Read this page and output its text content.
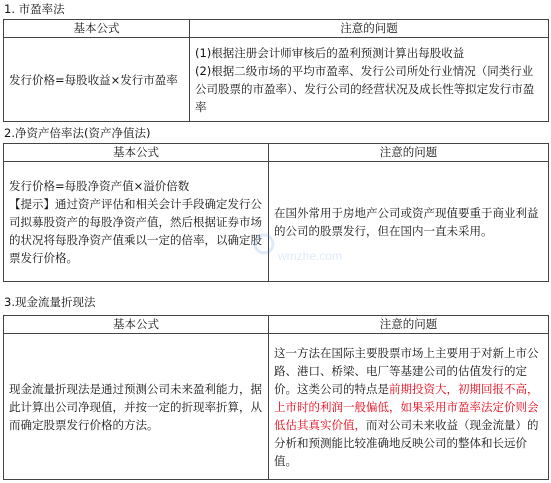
1. 市盈率法
基本公式	注意的问题
发行价格=每股收益×发行市盈率	(1)根据注册会计师审核后的盈利预测计算出每股收益
(2)根据二级市场的平均市盈率、发行公司所处行业情况（同类行业公司股票的市盈率）、发行公司的经营状况及成长性等拟定发行市盈率
2.净资产倍率法(资产净值法)
基本公式	注意的问题

发行价格=每股净资产值×溢价倍数
【提示】通过资产评估和相关会计手段确定发行公司拟募股资产的每股净资产值，然后根据证券市场的状况将每股净资产值乘以一定的倍率，以确定股票发行价格。	在国外常用于房地产公司或资产现值要重于商业利益的公司的股票发行，但在国内一直未采用。
3.现金流量折现法
基本公式	注意的问题
现金流量折现法是通过预测公司未来盈利能力，据此计算出公司净现值，并按一定的折现率折算，从而确定股票发行价格的方法。	这一方法在国际主要股票市场上主要用于对新上市公路、港口、桥梁、电厂等基建公司的估值发行的定价。这类公司的特点是前期投资大，初期回报不高，上市时的利润一般偏低，如果采用市盈率法定价则会低估其真实价值，而对公司未来收益（现金流量）的分析和预测能比较准确地反映公司的整体和长远价值。
wmzhe.com
